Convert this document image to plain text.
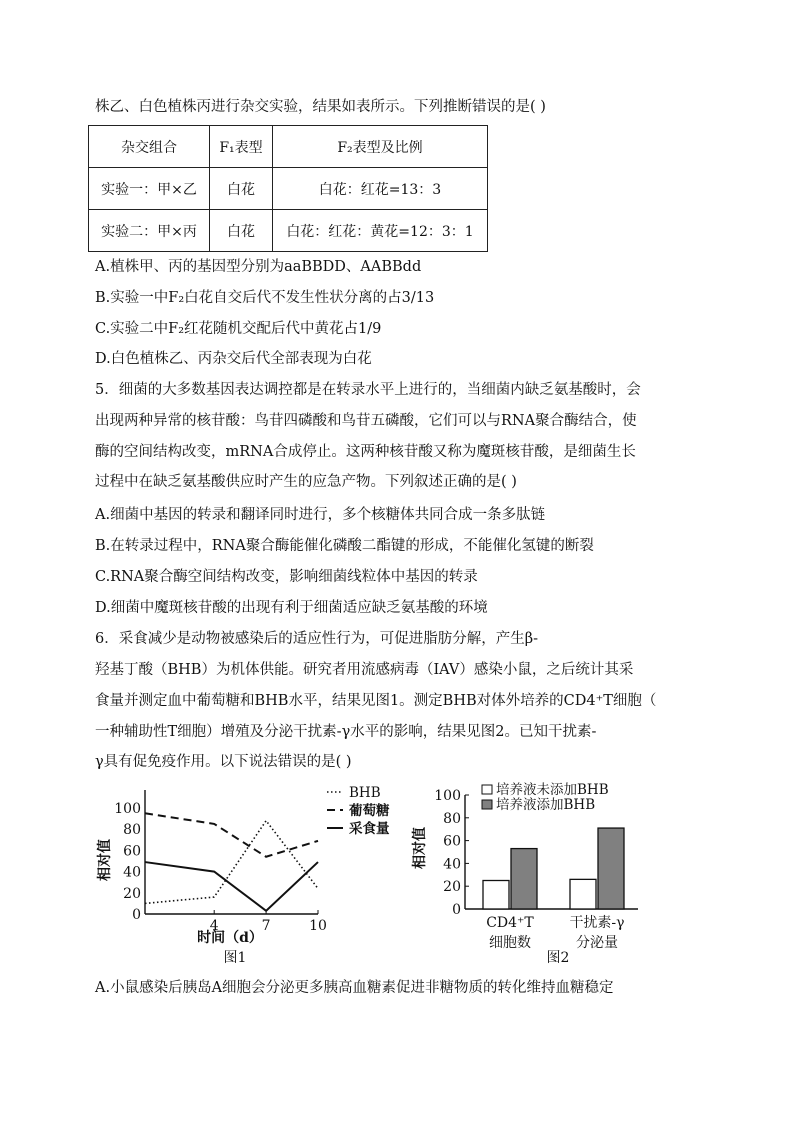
株乙、白色植株丙进行杂交实验，结果如表所示。下列推断错误的是( )
杂交组合	F₁表型	F₂表型及比例
实验一：甲×乙	白花	白花：红花=13：3
实验二：甲×丙	白花	白花：红花：黄花=12：3：1
A.植株甲、丙的基因型分别为aaBBDD、AABBdd
B.实验一中F₂白花自交后代不发生性状分离的占3/13
C.实验二中F₂红花随机交配后代中黄花占1/9
D.白色植株乙、丙杂交后代全部表现为白花
5．细菌的大多数基因表达调控都是在转录水平上进行的，当细菌内缺乏氨基酸时，会
出现两种异常的核苷酸：鸟苷四磷酸和鸟苷五磷酸，它们可以与RNA聚合酶结合，使
酶的空间结构改变，mRNA合成停止。这两种核苷酸又称为魔斑核苷酸，是细菌生长
过程中在缺乏氨基酸供应时产生的应急产物。下列叙述正确的是( )
A.细菌中基因的转录和翻译同时进行，多个核糖体共同合成一条多肽链
B.在转录过程中，RNA聚合酶能催化磷酸二酯键的形成，不能催化氢键的断裂
C.RNA聚合酶空间结构改变，影响细菌线粒体中基因的转录
D.细菌中魔斑核苷酸的出现有利于细菌适应缺乏氨基酸的环境
6．采食减少是动物被感染后的适应性行为，可促进脂肪分解，产生β-
羟基丁酸（BHB）为机体供能。研究者用流感病毒（IAV）感染小鼠，之后统计其采
食量并测定血中葡萄糖和BHB水平，结果见图1。测定BHB对体外培养的CD4⁺T细胞（
一种辅助性T细胞）增殖及分泌干扰素-γ水平的影响，结果见图2。已知干扰素-
γ具有促免疫作用。以下说法错误的是( )
0
20
40
60
80
100
4	7	10
相对值
时间（d）
图1
BHB
葡萄糖
采食量
0
20
40
60
80
100
相对值
CD4⁺T
细胞数
干扰素-γ
分泌量
培养液未添加BHB
培养液添加BHB
图2
A.小鼠感染后胰岛A细胞会分泌更多胰高血糖素促进非糖物质的转化维持血糖稳定
